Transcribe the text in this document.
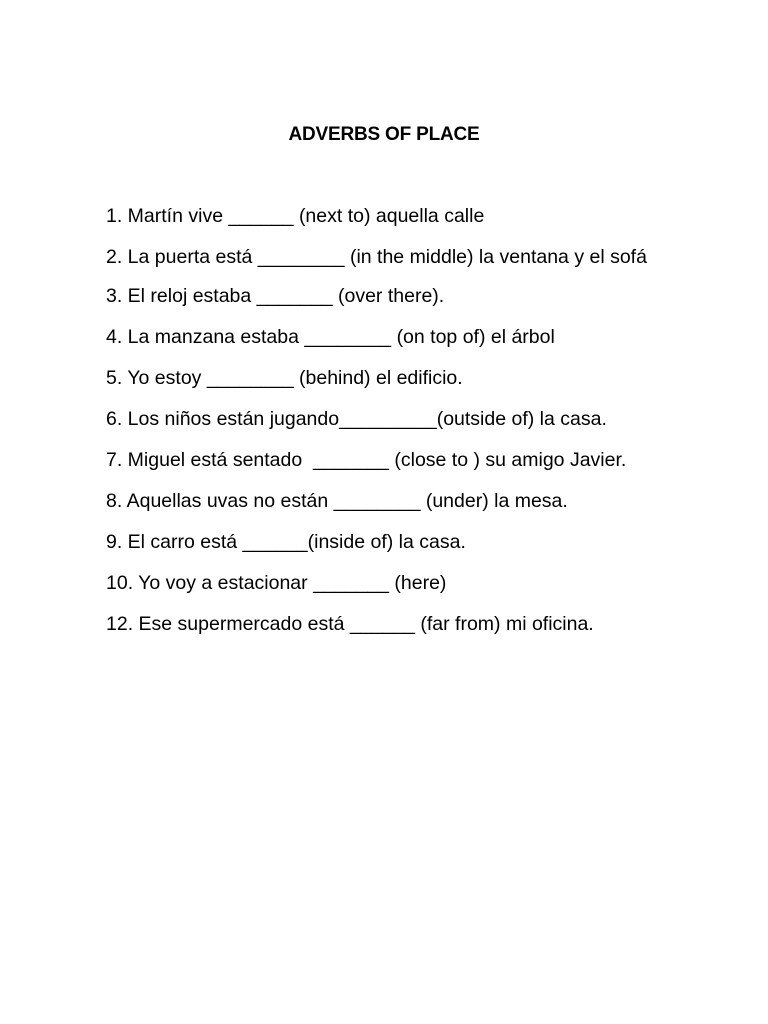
ADVERBS OF PLACE
1. Martín vive ______ (next to) aquella calle
2. La puerta está ________ (in the middle) la ventana y el sofá
3. El reloj estaba _______ (over there).
4. La manzana estaba ________ (on top of) el árbol
5. Yo estoy ________ (behind) el edificio.
6. Los niños están jugando_________(outside of) la casa.
7. Miguel está sentado  _______ (close to ) su amigo Javier.
8. Aquellas uvas no están ________ (under) la mesa.
9. El carro está ______(inside of) la casa.
10. Yo voy a estacionar _______ (here)
12. Ese supermercado está ______ (far from) mi oficina.
